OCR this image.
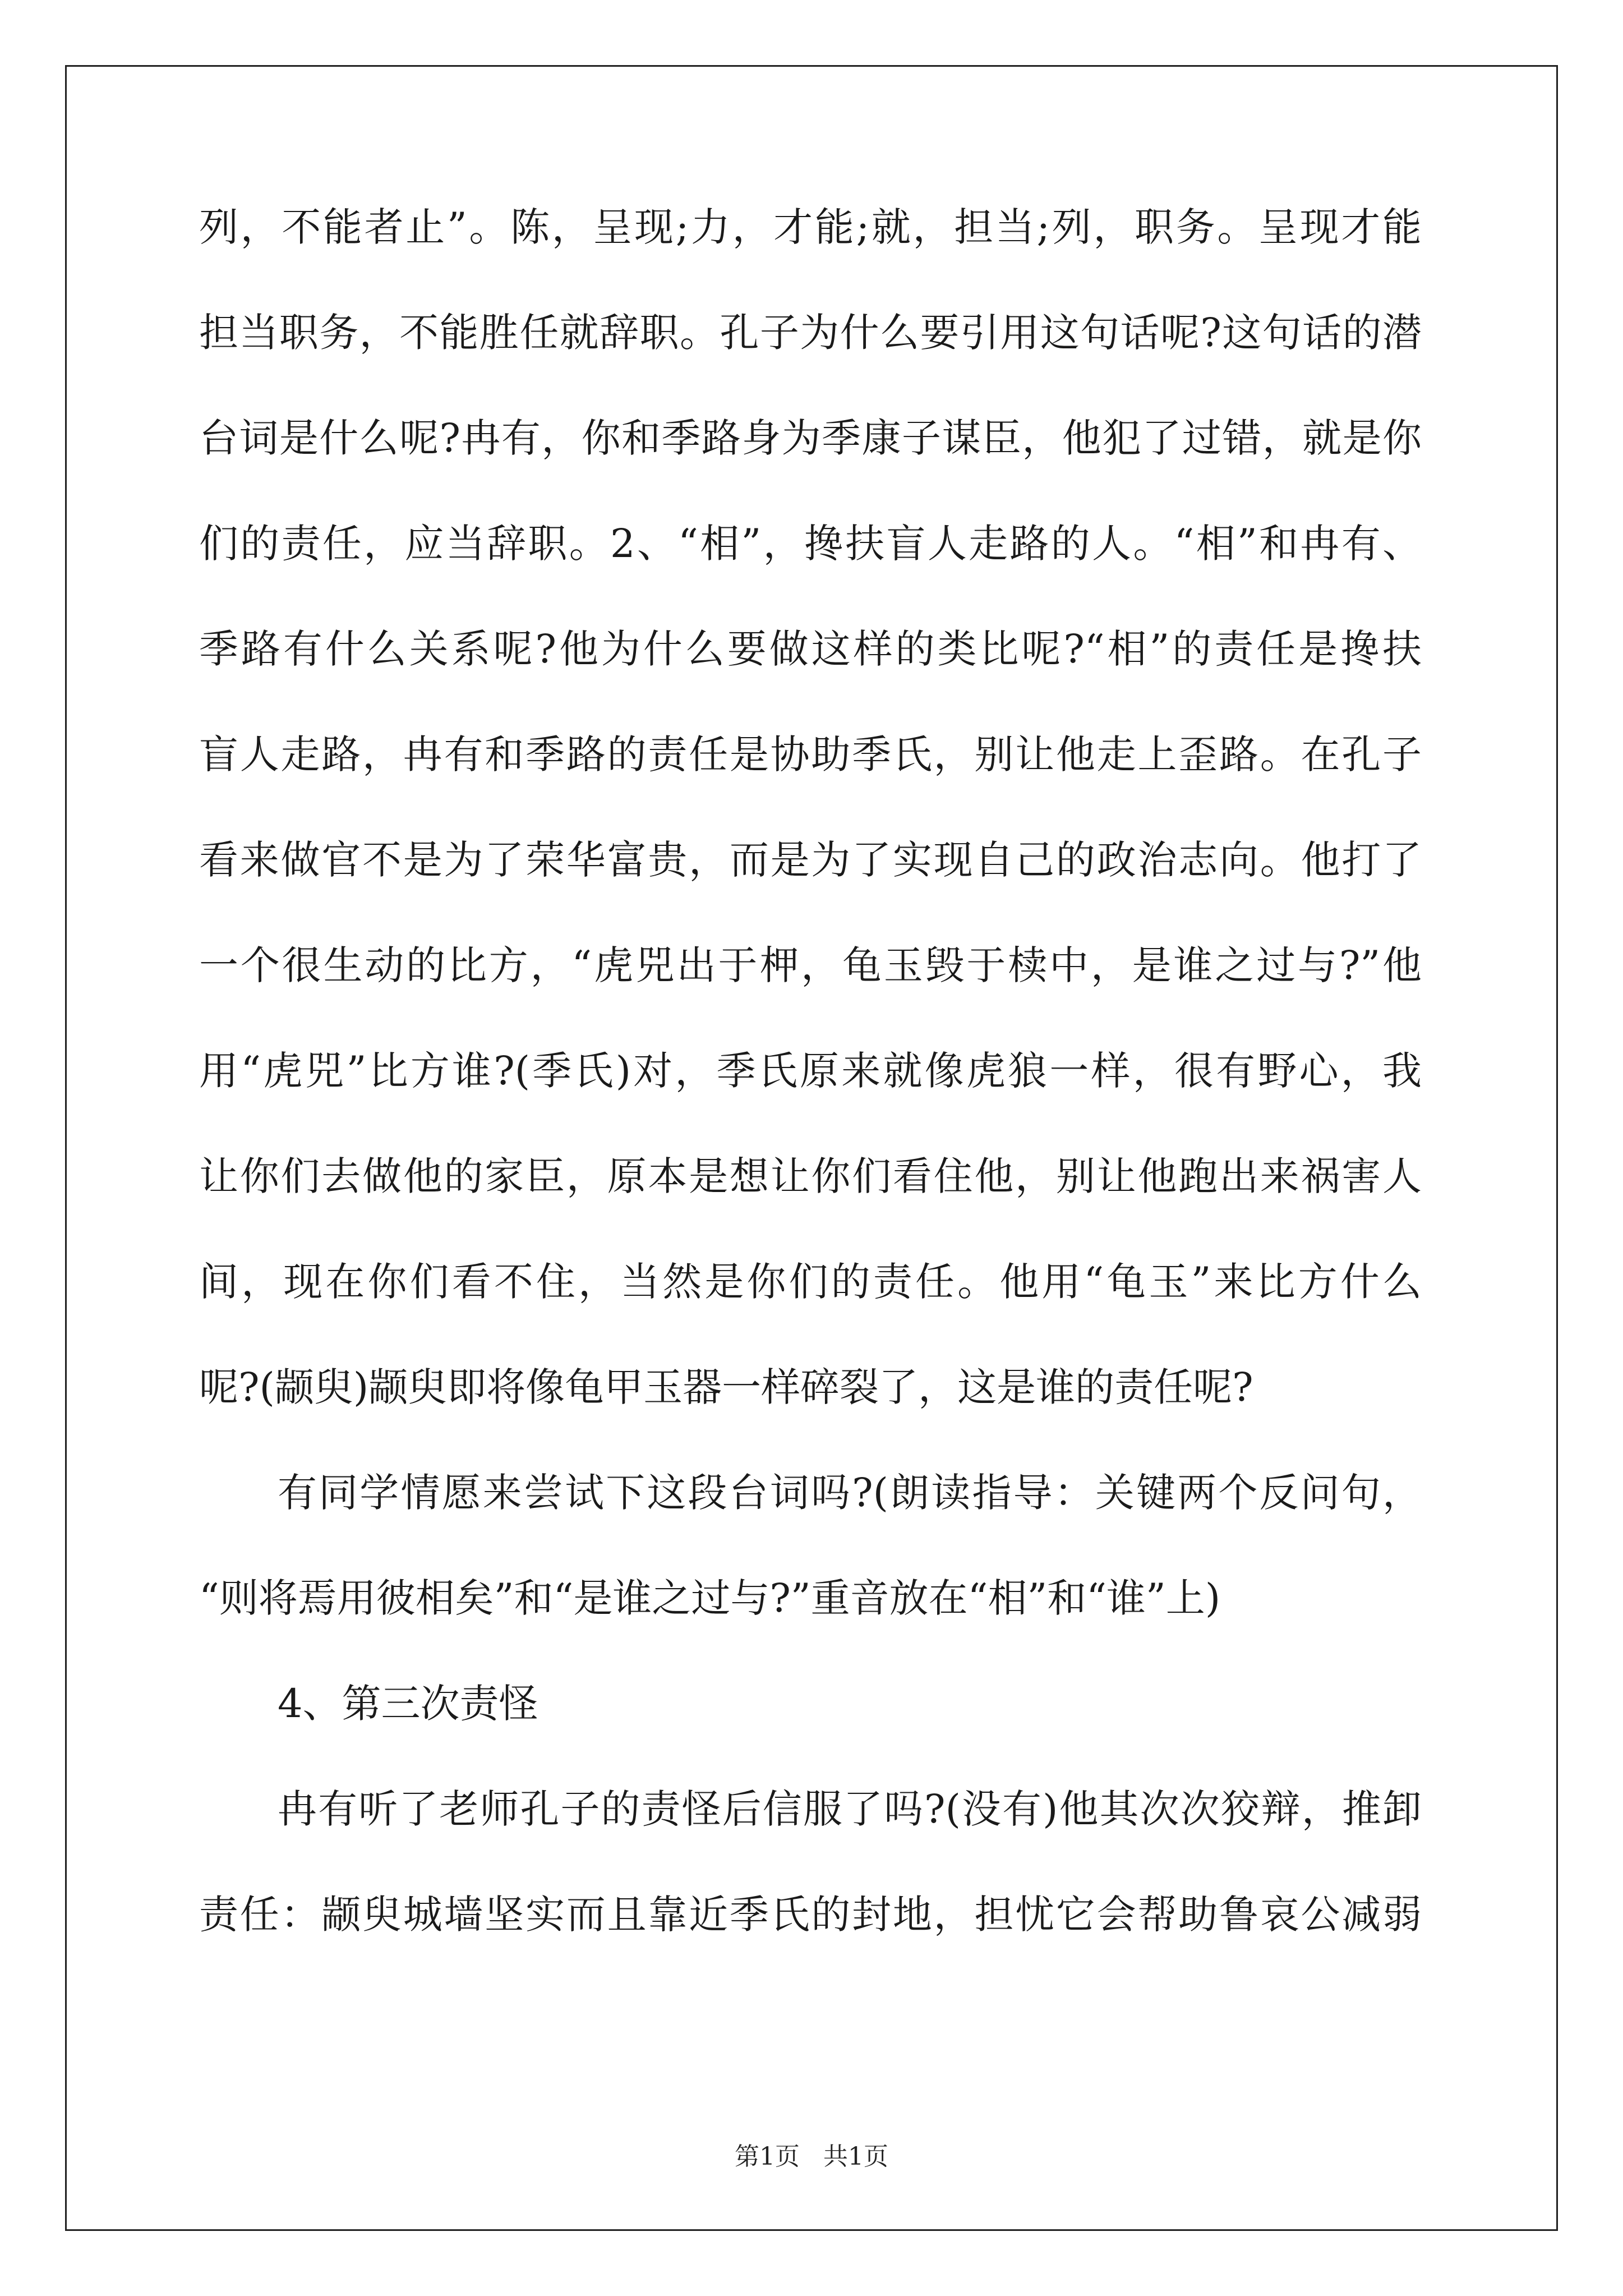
列，不能者止”。陈，呈现;力，才能;就，担当;列，职务。呈现才能
担当职务，不能胜任就辞职。孔子为什么要引用这句话呢?这句话的潜
台词是什么呢?冉有，你和季路身为季康子谋臣，他犯了过错，就是你
们的责任，应当辞职。2、“相”，搀扶盲人走路的人。“相”和冉有、
季路有什么关系呢?他为什么要做这样的类比呢?“相”的责任是搀扶
盲人走路，冉有和季路的责任是协助季氏，别让他走上歪路。在孔子
看来做官不是为了荣华富贵，而是为了实现自己的政治志向。他打了
一个很生动的比方，“虎兕出于柙，龟玉毁于椟中，是谁之过与?”他
用“虎兕”比方谁?(季氏)对，季氏原来就像虎狼一样，很有野心，我
让你们去做他的家臣，原本是想让你们看住他，别让他跑出来祸害人
间，现在你们看不住，当然是你们的责任。他用“龟玉”来比方什么
呢?(颛臾)颛臾即将像龟甲玉器一样碎裂了，这是谁的责任呢?
有同学情愿来尝试下这段台词吗?(朗读指导：关键两个反问句，
“则将焉用彼相矣”和“是谁之过与?”重音放在“相”和“谁”上)
4、第三次责怪
冉有听了老师孔子的责怪后信服了吗?(没有)他其次次狡辩，推卸
责任：颛臾城墙坚实而且靠近季氏的封地，担忧它会帮助鲁哀公减弱
第1页 共1页
